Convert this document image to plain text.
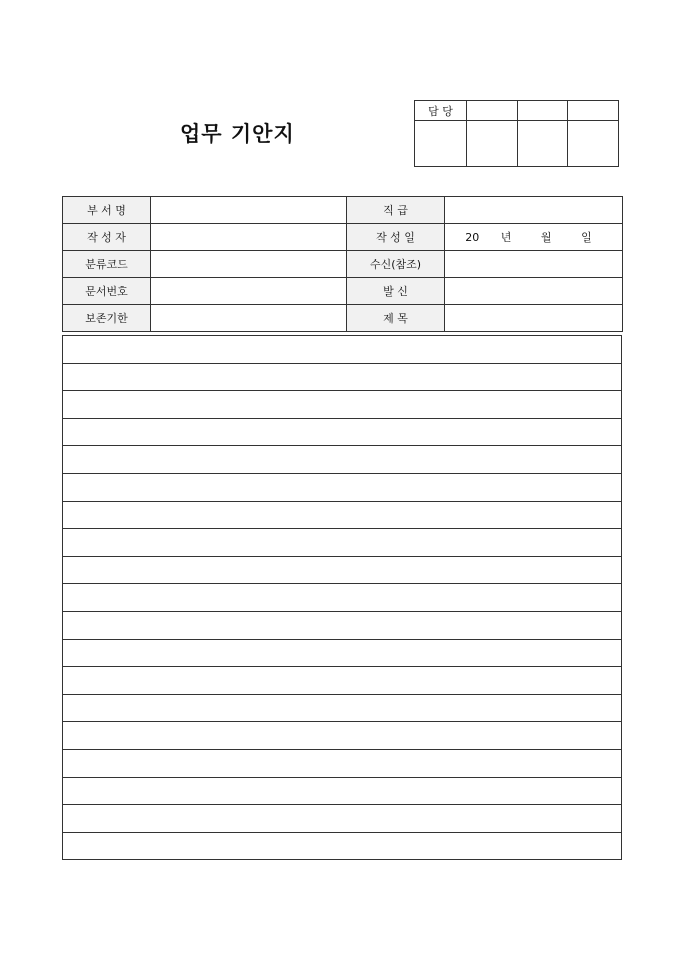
업무 기안지
담 당			

부 서 명		직 급	
작 성 자		작 성 일	20 년 월 일
분류코드		수신(참조)	
문서번호		발 신	
보존기한		제 목	
